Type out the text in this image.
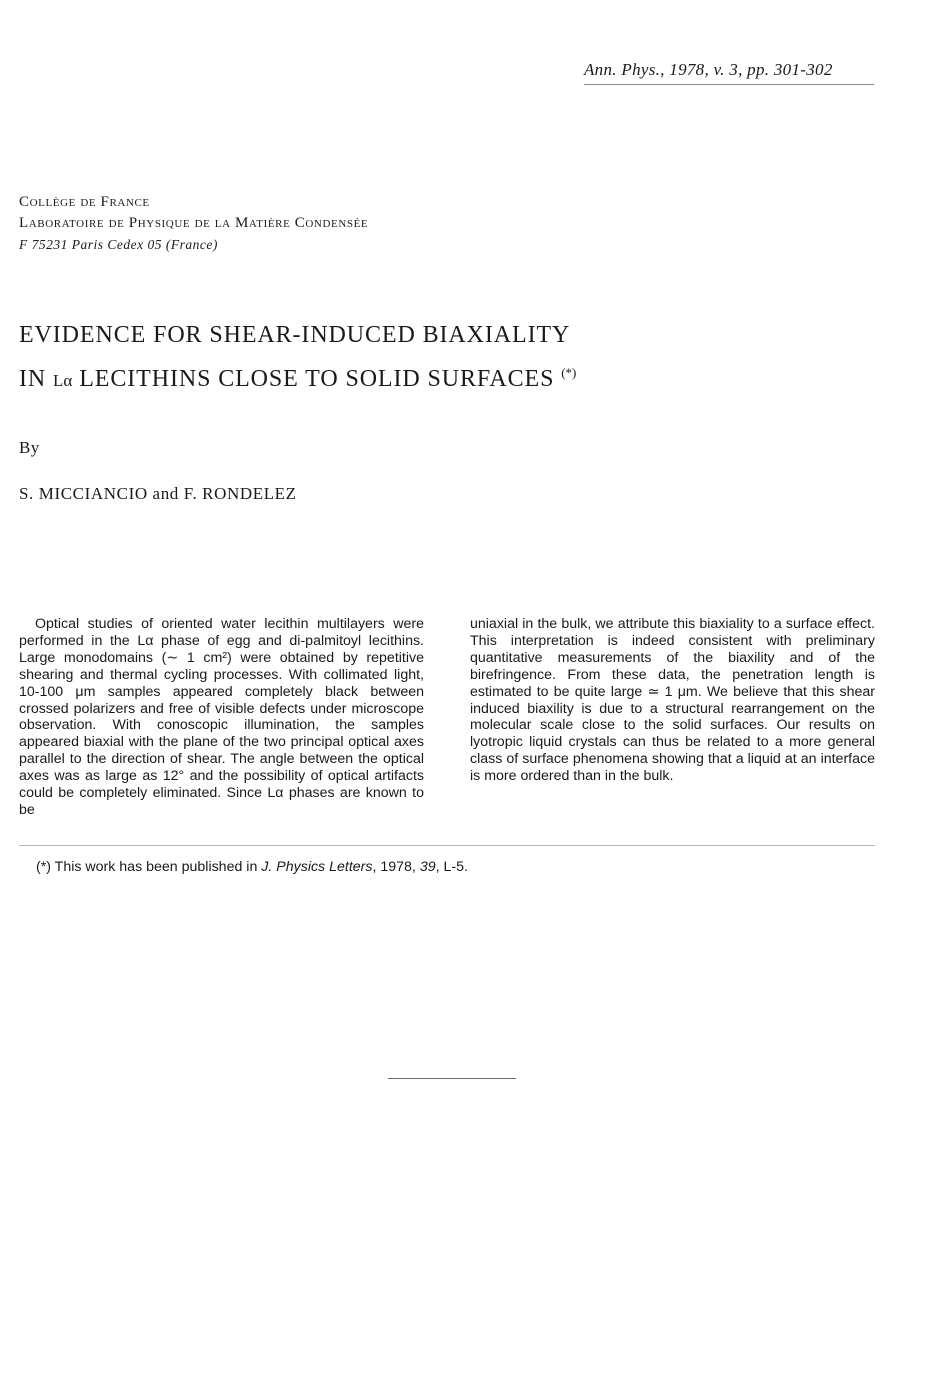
Ann. Phys., 1978, v. 3, pp. 301-302
Collège de France
Laboratoire de Physique de la Matière Condensée
F 75231 Paris Cedex 05 (France)
EVIDENCE FOR SHEAR-INDUCED BIAXIALITY
IN Lα LECITHINS CLOSE TO SOLID SURFACES (*)
By
S. MICCIANCIO and F. RONDELEZ

Optical studies of oriented water lecithin multilayers were performed in the Lα phase of egg and di-palmitoyl lecithins. Large monodomains (∼ 1 cm²) were obtained by repetitive shearing and thermal cycling processes. With collimated light, 10-100 μm samples appeared completely black between crossed polarizers and free of visible defects under microscope observation. With conoscopic illumination, the samples appeared biaxial with the plane of the two principal optical axes parallel to the direction of shear. The angle between the optical axes was as large as 12° and the possibility of optical artifacts could be completely eliminated. Since Lα phases are known to be

uniaxial in the bulk, we attribute this biaxiality to a surface effect. This interpretation is indeed consistent with preliminary quantitative measurements of the biaxility and of the birefringence. From these data, the penetration length is estimated to be quite large ≃ 1 μm. We believe that this shear induced biaxility is due to a structural rearrangement on the molecular scale close to the solid surfaces. Our results on lyotropic liquid crystals can thus be related to a more general class of surface phenomena showing that a liquid at an interface is more ordered than in the bulk.

(*) This work has been published in J. Physics Letters, 1978, 39, L-5.
